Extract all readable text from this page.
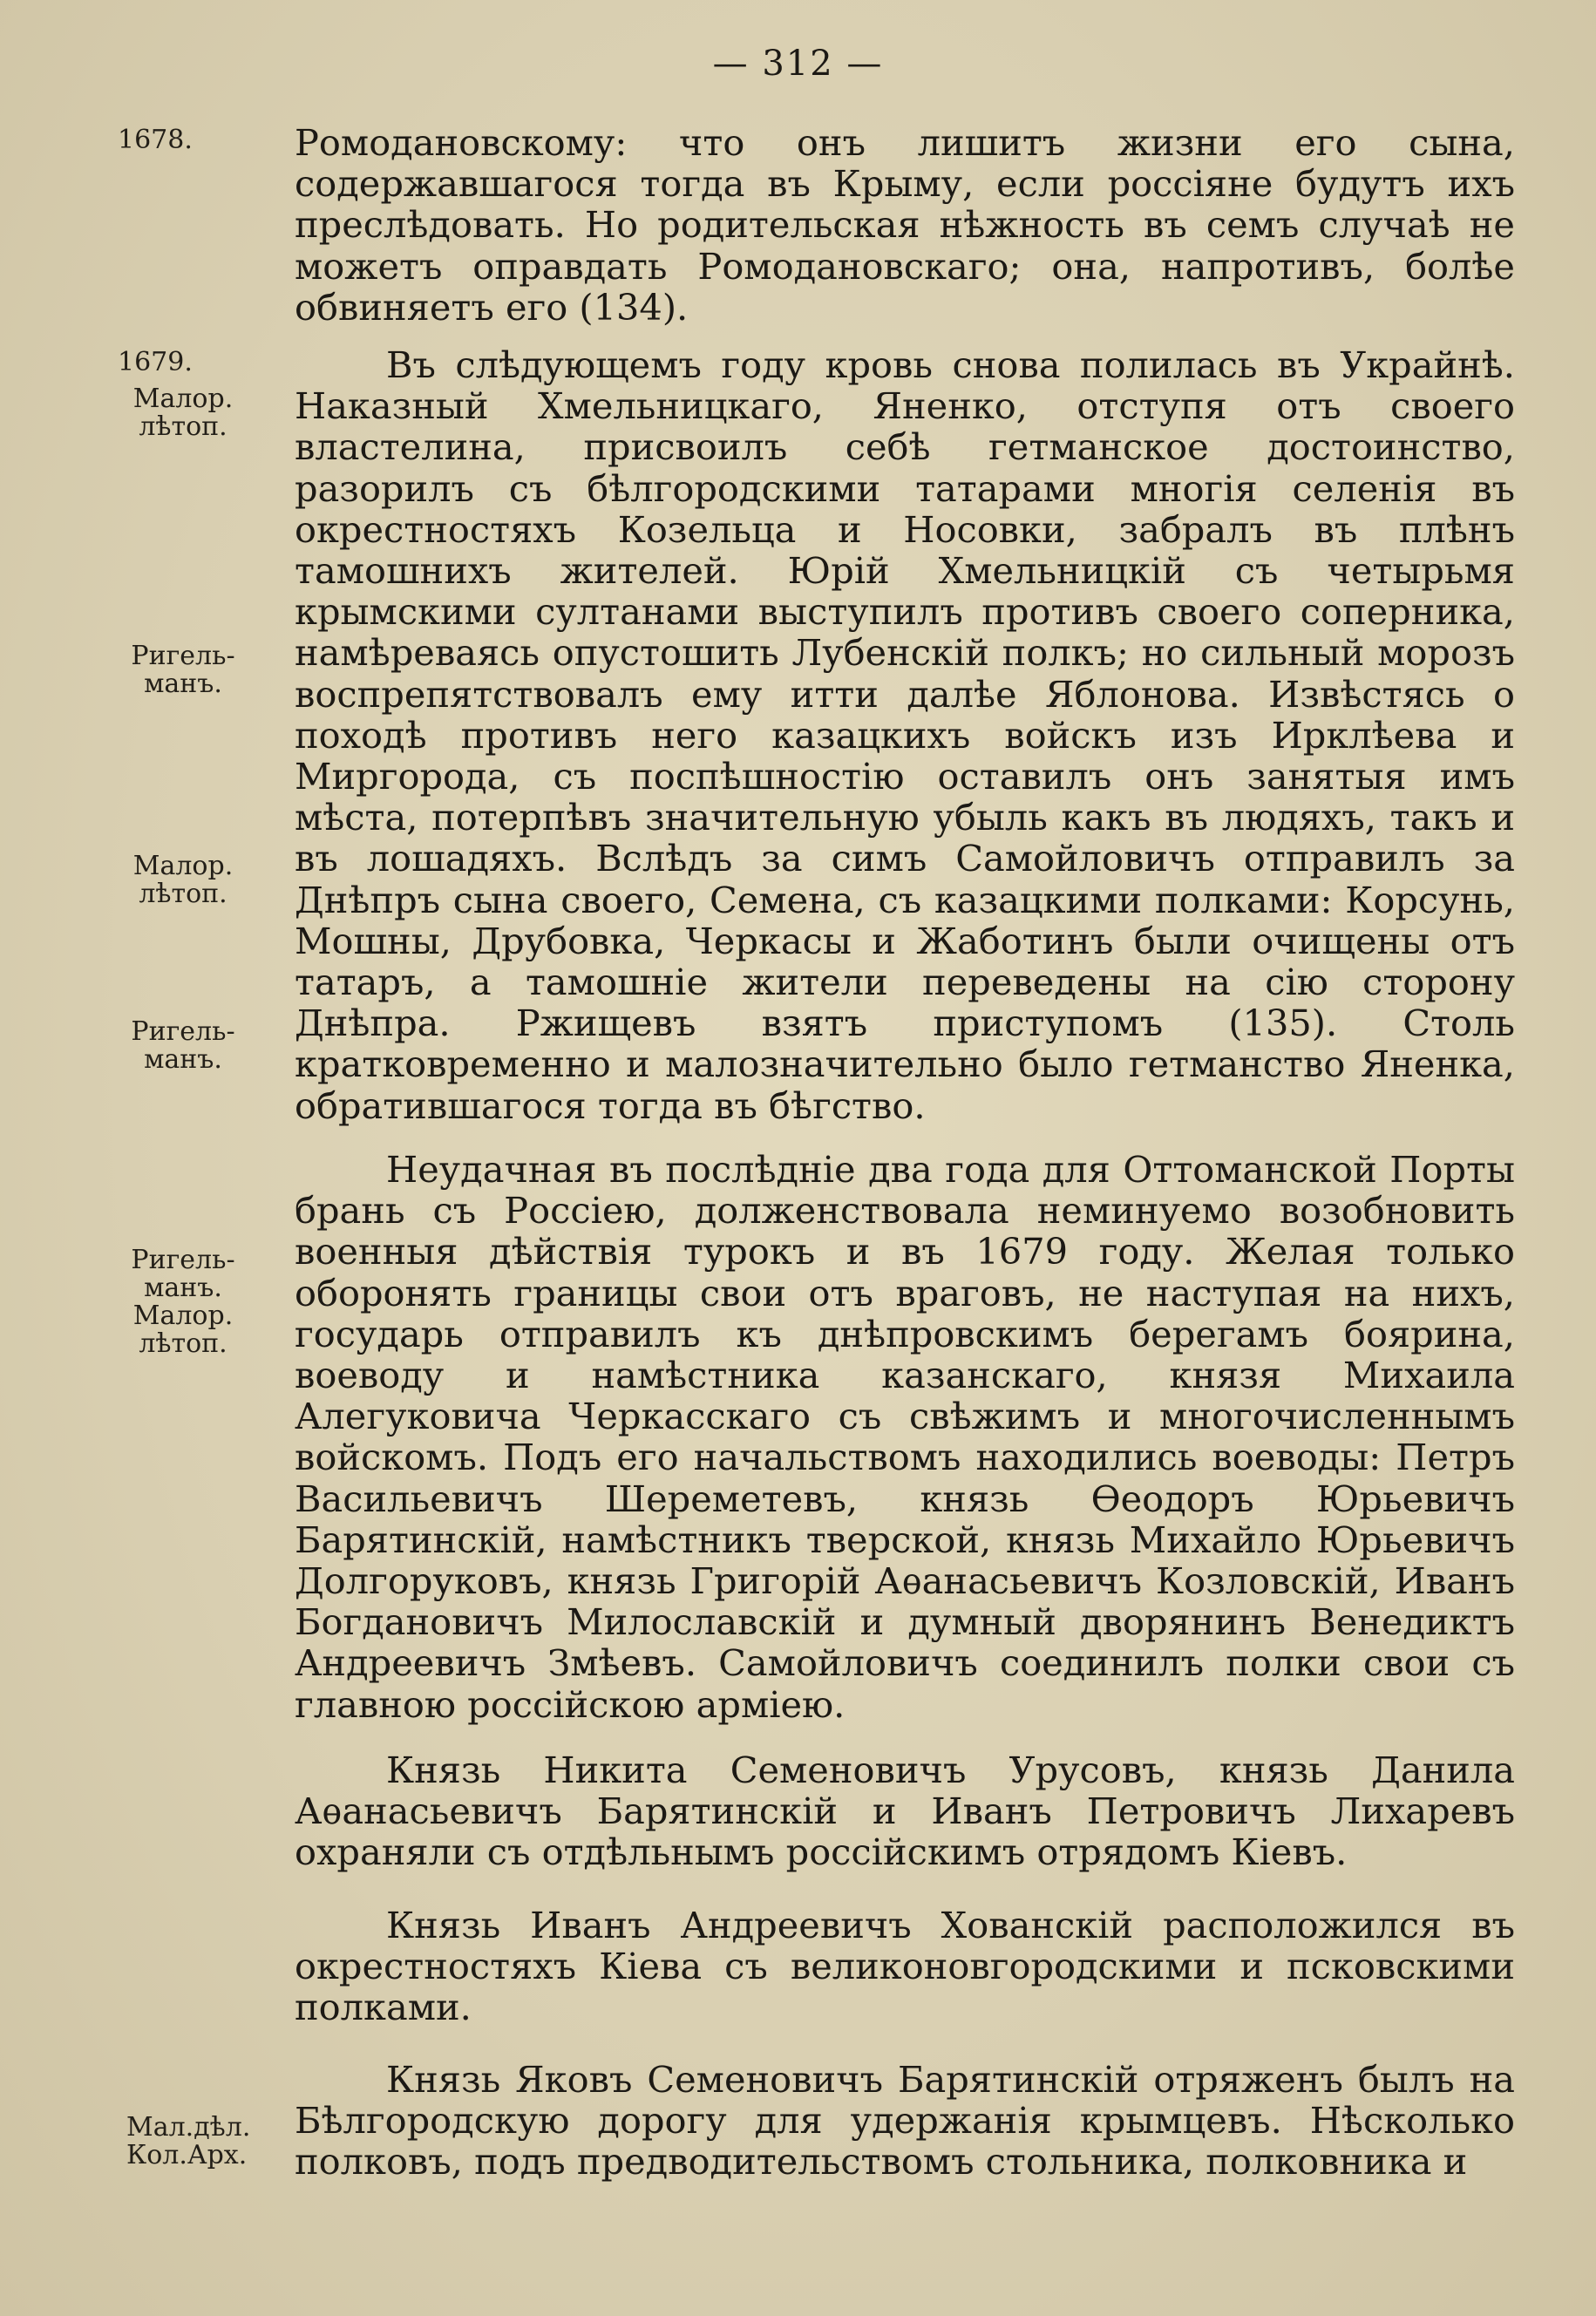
— 312 —
1678.
1679.
Малор. лѣтоп.
Ригель- манъ.
Малор. лѣтоп.
Ригель- манъ.
Ригель- манъ. Малор. лѣтоп.
Мал.дѣл. Кол.Арх.

Ромодановскому: что онъ лишитъ жизни его сына, содержавшагося тогда въ Крыму, если россіяне будутъ ихъ преслѣдовать. Но родительская нѣжность въ семъ случаѣ не можетъ оправдать Ромодановскаго; она, напротивъ, болѣе обвиняетъ его (134).

Въ слѣдующемъ году кровь снова полилась въ Украйнѣ. Наказный Хмельницкаго, Яненко, отступя отъ своего властелина, присвоилъ себѣ гетманское достоинство, разорилъ съ бѣлгородскими татарами многія селенія въ окрестностяхъ Козельца и Носовки, забралъ въ плѣнъ тамошнихъ жителей. Юрій Хмельницкій съ четырьмя крымскими султанами выступилъ противъ своего соперника, намѣреваясь опустошить Лубенскій полкъ; но сильный морозъ воспрепятствовалъ ему итти далѣе Яблонова. Извѣстясь о походѣ противъ него казацкихъ войскъ изъ Ирклѣева и Миргорода, съ поспѣшностію оставилъ онъ занятыя имъ мѣста, потерпѣвъ значительную убыль какъ въ людяхъ, такъ и въ лошадяхъ. Вслѣдъ за симъ Самойловичъ отправилъ за Днѣпръ сына своего, Семена, съ казацкими полками: Корсунь, Мошны, Друбовка, Черкасы и Жаботинъ были очищены отъ татаръ, а тамошніе жители переведены на сію сторону Днѣпра. Ржищевъ взятъ приступомъ (135). Столь кратковременно и малозначительно было гетманство Яненка, обратившагося тогда въ бѣгство.

Неудачная въ послѣдніе два года для Оттоманской Порты брань съ Россіею, долженствовала неминуемо возобновить военныя дѣйствія турокъ и въ 1679 году. Желая только оборонять границы свои отъ враговъ, не наступая на нихъ, государь отправилъ къ днѣпровскимъ берегамъ боярина, воеводу и намѣстника казанскаго, князя Михаила Алегуковича Черкасскаго съ свѣжимъ и многочисленнымъ войскомъ. Подъ его начальствомъ находились воеводы: Петръ Васильевичъ Шереметевъ, князь Ѳеодоръ Юрьевичъ Барятинскій, намѣстникъ тверской, князь Михайло Юрьевичъ Долгоруковъ, князь Григорій Аѳанасьевичъ Козловскій, Иванъ Богдановичъ Милославскій и думный дворянинъ Венедиктъ Андреевичъ Змѣевъ. Самойловичъ соединилъ полки свои съ главною россійскою арміею.

Князь Никита Семеновичъ Урусовъ, князь Данила Аѳанасьевичъ Барятинскій и Иванъ Петровичъ Лихаревъ охраняли съ отдѣльнымъ россійскимъ отрядомъ Кіевъ.

Князь Иванъ Андреевичъ Хованскій расположился въ окрестностяхъ Кіева съ великоновгородскими и псковскими полками.

Князь Яковъ Семеновичъ Барятинскій отряженъ былъ на Бѣлгородскую дорогу для удержанія крымцевъ. Нѣсколько полковъ, подъ предводительствомъ стольника, полковника и
